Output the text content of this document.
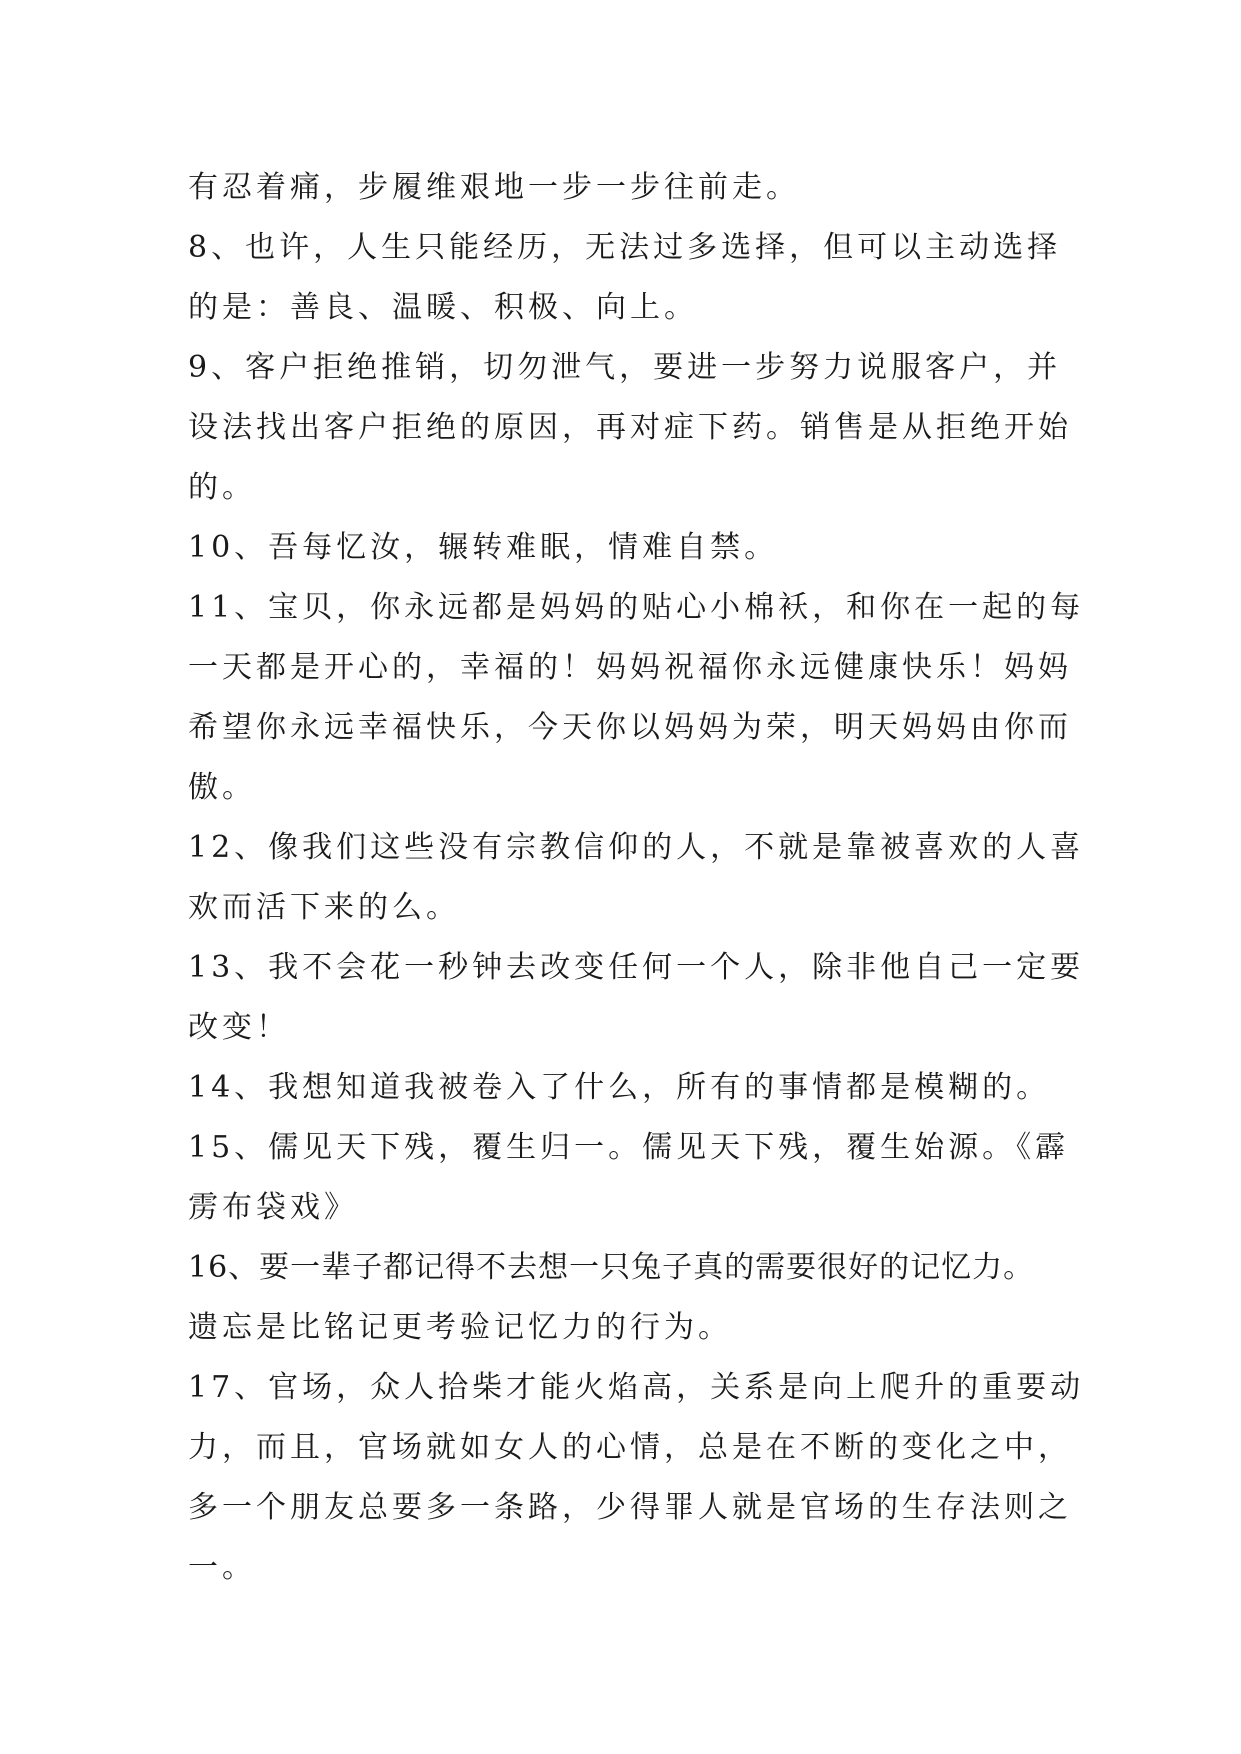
有忍着痛，步履维艰地一步一步往前走。

8、也许，人生只能经历，无法过多选择，但可以主动选择

的是：善良、温暖、积极、向上。

9、客户拒绝推销，切勿泄气，要进一步努力说服客户，并

设法找出客户拒绝的原因，再对症下药。销售是从拒绝开始

的。

10、吾每忆汝，辗转难眠，情难自禁。

11、宝贝，你永远都是妈妈的贴心小棉袄，和你在一起的每

一天都是开心的，幸福的！妈妈祝福你永远健康快乐！妈妈

希望你永远幸福快乐，今天你以妈妈为荣，明天妈妈由你而

傲。

12、像我们这些没有宗教信仰的人，不就是靠被喜欢的人喜

欢而活下来的么。

13、我不会花一秒钟去改变任何一个人，除非他自己一定要

改变！

14、我想知道我被卷入了什么，所有的事情都是模糊的。

15、儒见天下残，覆生归一。儒见天下残，覆生始源。《霹

雳布袋戏》

16、要一辈子都记得不去想一只兔子真的需要很好的记忆力。

遗忘是比铭记更考验记忆力的行为。

17、官场，众人拾柴才能火焰高，关系是向上爬升的重要动

力，而且，官场就如女人的心情，总是在不断的变化之中，

多一个朋友总要多一条路，少得罪人就是官场的生存法则之

一。
